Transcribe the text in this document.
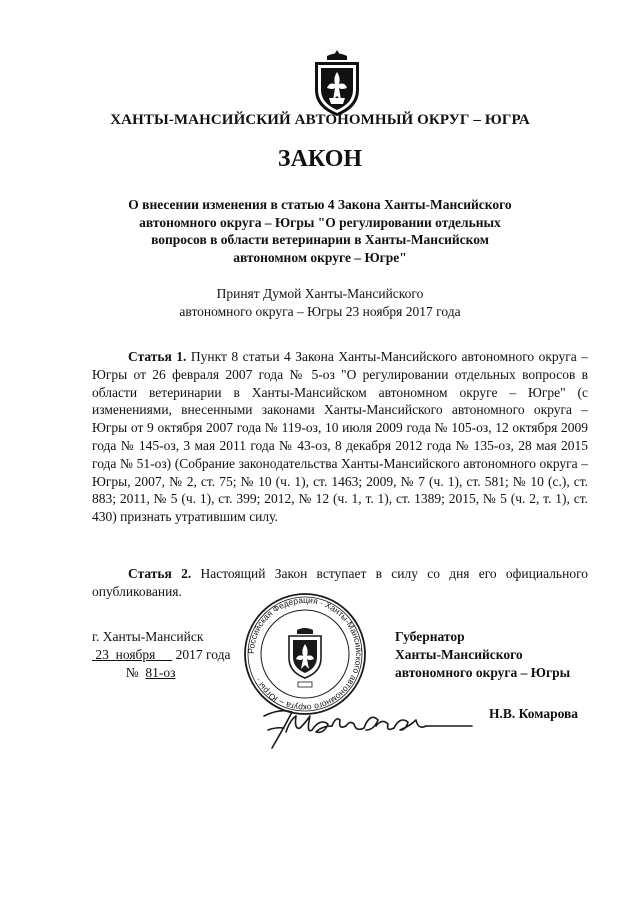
ХАНТЫ-МАНСИЙСКИЙ АВТОНОМНЫЙ ОКРУГ – ЮГРА
ЗАКОН
О внесении изменения в статью 4 Закона Ханты-Мансийского
автономного округа – Югры "О регулировании отдельных
вопросов в области ветеринарии в Ханты-Мансийском
автономном округе – Югре"
Принят Думой Ханты-Мансийского
автономного округа – Югры 23 ноября 2017 года
Статья 1. Пункт 8 статьи 4 Закона Ханты-Мансийского автономного округа – Югры от 26 февраля 2007 года № 5-оз "О регулировании отдельных вопросов в области ветеринарии в Ханты-Мансийском автономном округе – Югре" (с изменениями, внесенными законами Ханты-Мансийского автономного округа – Югры от 9 октября 2007 года № 119-оз, 10 июля 2009 года № 105-оз, 12 октября 2009 года № 145-оз, 3 мая 2011 года № 43-оз, 8 декабря 2012 года № 135-оз, 28 мая 2015 года № 51-оз) (Собрание законодательства Ханты-Мансийского автономного округа – Югры, 2007, № 2, ст. 75; № 10 (ч. 1), ст. 1463; 2009, № 7 (ч. 1), ст. 581; № 10 (с.), ст. 883; 2011, № 5 (ч. 1), ст. 399; 2012, № 12 (ч. 1, т. 1), ст. 1389; 2015, № 5 (ч. 2, т. 1), ст. 430) признать утратившим силу.
Статья 2. Настоящий Закон вступает в силу со дня его официального опубликования.
г. Ханты-Мансийск
23 ноября 2017 года
№ 81-оз
Губернатор
Ханты-Мансийского
автономного округа – Югры
Н.В. Комарова
Российская Федерация · Ханты-Мансийского автономного округа – Югры ·
